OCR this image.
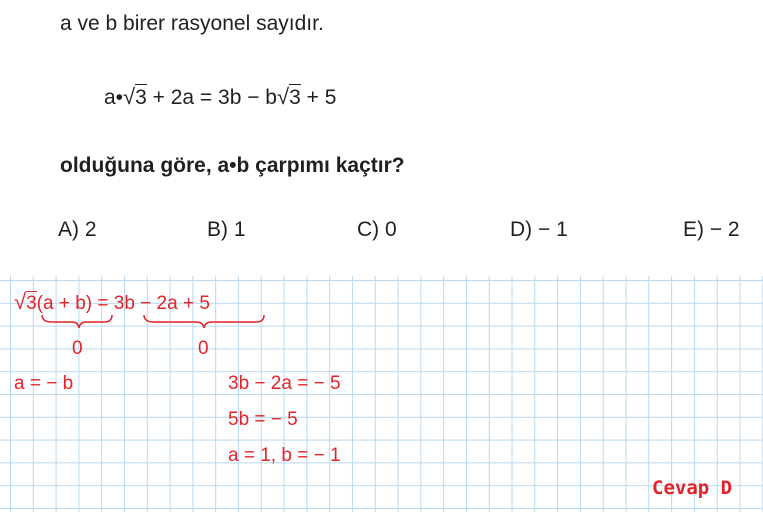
a ve b birer rasyonel sayıdır.
a•√3 + 2a = 3b − b√3 + 5
olduğuna göre, a•b çarpımı kaçtır?
A) 2	B) 1	C) 0	D) − 1	E) − 2
√3(a + b) = 3b − 2a + 5
0	0
a = − b	3b − 2a = − 5
5b = − 5
a = 1, b = − 1
Cevap D
